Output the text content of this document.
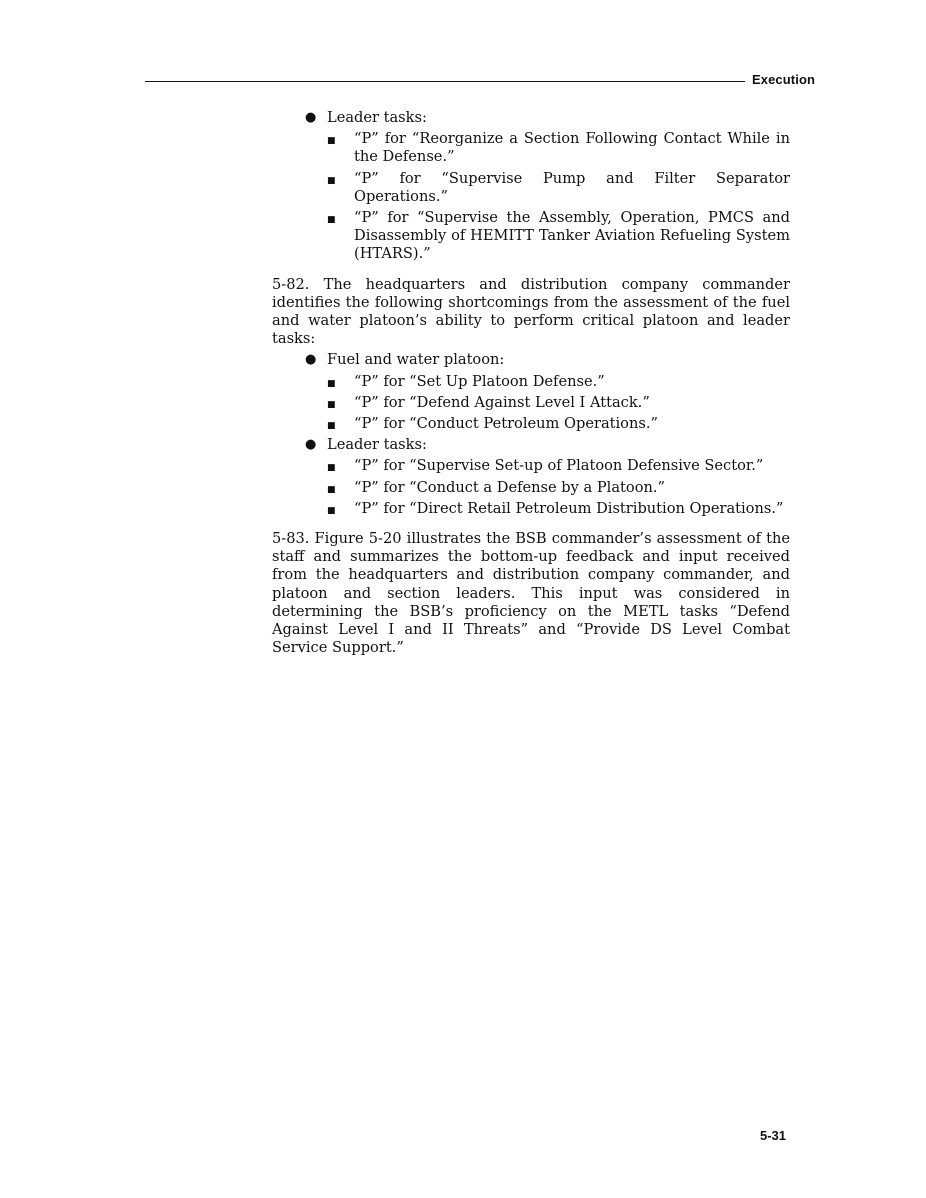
Execution
● Leader tasks:
■ “P” for “Reorganize a Section Following Contact While in the Defense.”
■ “P” for “Supervise Pump and Filter Separator Operations.”
■ “P” for “Supervise the Assembly, Operation, PMCS and Disassembly of HEMITT Tanker Aviation Refueling System (HTARS).”
5-82. The headquarters and distribution company commander identifies the following shortcomings from the assessment of the fuel and water platoon’s ability to perform critical platoon and leader tasks:
● Fuel and water platoon:
■ “P” for “Set Up Platoon Defense.”
■ “P” for “Defend Against Level I Attack.”
■ “P” for “Conduct Petroleum Operations.”
● Leader tasks:
■ “P” for “Supervise Set-up of Platoon Defensive Sector.”
■ “P” for “Conduct a Defense by a Platoon.”
■ “P” for “Direct Retail Petroleum Distribution Operations.”
5-83. Figure 5-20 illustrates the BSB commander’s assessment of the staff and summarizes the bottom-up feedback and input received from the headquarters and distribution company commander, and platoon and section leaders. This input was considered in determining the BSB’s proficiency on the METL tasks “Defend Against Level I and II Threats” and “Provide DS Level Combat Service Support.”
5-31
